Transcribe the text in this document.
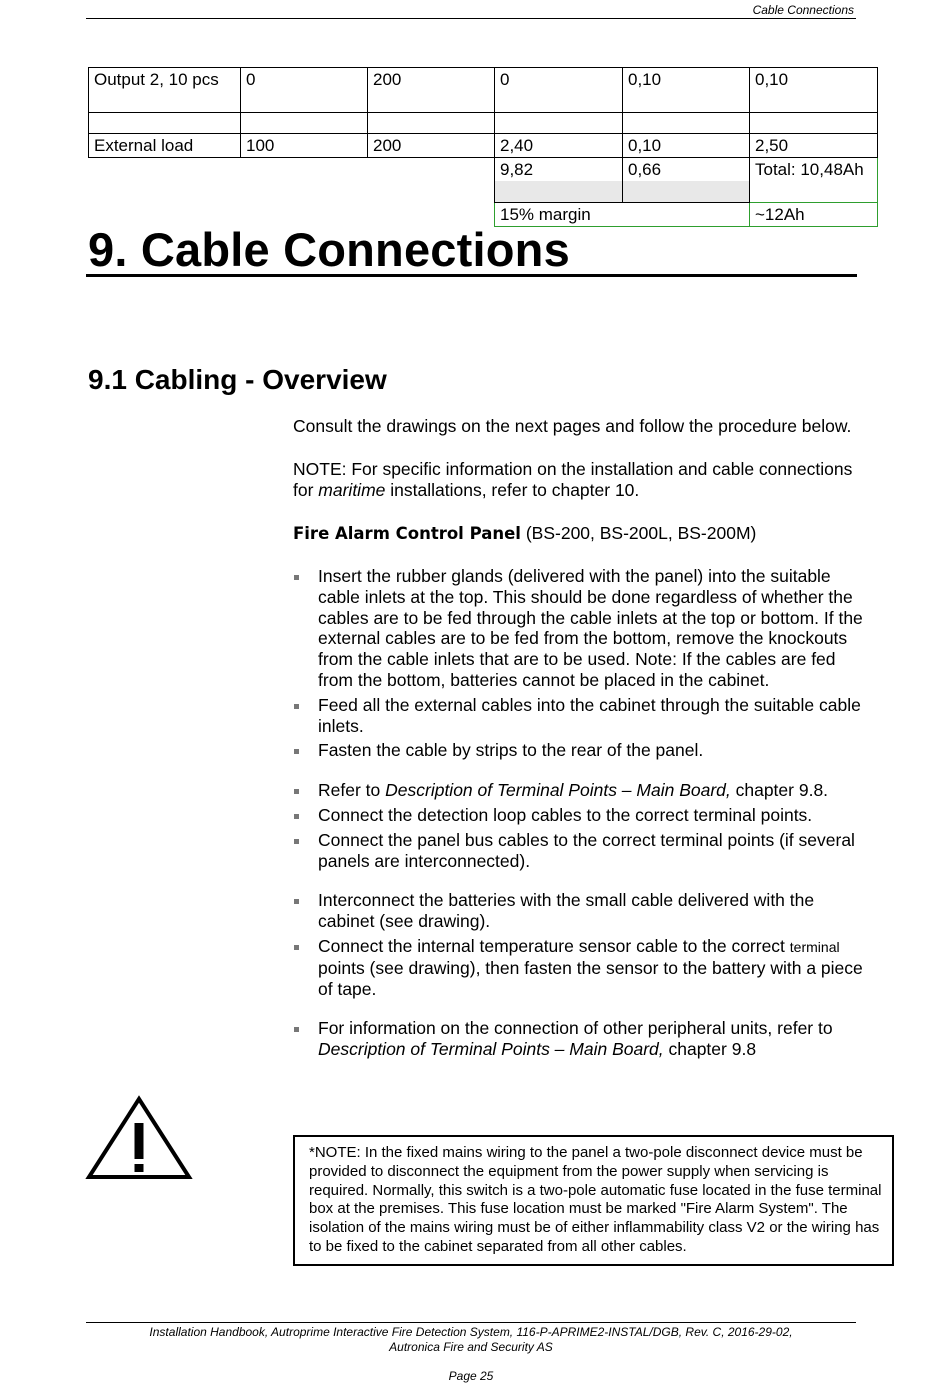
Cable Connections
Output 2, 10 pcs	0	200	0	0,10	0,10

External load	100	200	2,40	0,10	2,50

			9,82	0,66	Total: 10,48Ah
			15% margin		~12Ah
9. Cable Connections
9.1 Cabling - Overview

Consult the drawings on the next pages and follow the procedure below.

NOTE: For specific information on the installation and cable connections for maritime installations, refer to chapter 10.

Fire Alarm Control Panel (BS-200, BS-200L, BS-200M)

Insert the rubber glands (delivered with the panel) into the suitable cable inlets at the top. This should be done regardless of whether the cables are to be fed through the cable inlets at the top or bottom. If the external cables are to be fed from the bottom, remove the knockouts from the cable inlets that are to be used. Note: If the cables are fed from the bottom, batteries cannot be placed in the cabinet.
Feed all the external cables into the cabinet through the suitable cable inlets.
Fasten the cable by strips to the rear of the panel.
Refer to Description of Terminal Points – Main Board, chapter 9.8.
Connect the detection loop cables to the correct terminal points.
Connect the panel bus cables to the correct terminal points (if several panels are interconnected).
Interconnect the batteries with the small cable delivered with the cabinet (see drawing).
Connect the internal temperature sensor cable to the correct terminal points (see drawing), then fasten the sensor to the battery with a piece of tape.
For information on the connection of other peripheral units, refer to Description of Terminal Points – Main Board, chapter 9.8
*NOTE: In the fixed mains wiring to the panel a two-pole disconnect device must be provided to disconnect the equipment from the power supply when servicing is required. Normally, this switch is a two-pole automatic fuse located in the fuse terminal box at the premises. This fuse location must be marked "Fire Alarm System". The isolation of the mains wiring must be of either inflammability class V2 or the wiring has to be fixed to the cabinet separated from all other cables.
Installation Handbook, Autroprime Interactive Fire Detection System, 116-P-APRIME2-INSTAL/DGB, Rev. C, 2016-29-02,
Autronica Fire and Security AS
Page 25
